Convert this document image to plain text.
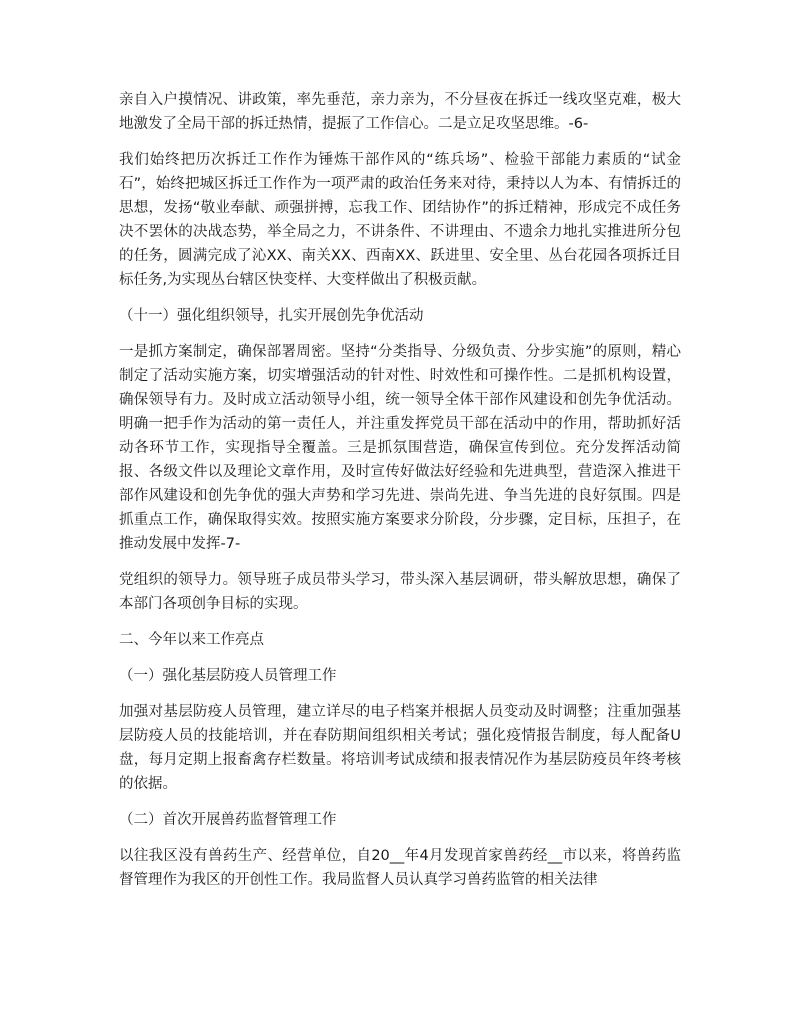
亲自入户摸情况、讲政策，率先垂范，亲力亲为，不分昼夜在拆迁一线攻坚克难，极大地激发了全局干部的拆迁热情，提振了工作信心。二是立足攻坚思维。-6-

我们始终把历次拆迁工作作为锤炼干部作风的“练兵场”、检验干部能力素质的“试金石”，始终把城区拆迁工作作为一项严肃的政治任务来对待，秉持以人为本、有情拆迁的思想，发扬“敬业奉献、顽强拼搏，忘我工作、团结协作”的拆迁精神，形成完不成任务决不罢休的决战态势，举全局之力，不讲条件、不讲理由、不遗余力地扎实推进所分包的任务，圆满完成了沁XX、南关XX、西南XX、跃进里、安全里、丛台花园各项拆迁目标任务,为实现丛台辖区快变样、大变样做出了积极贡献。

（十一）强化组织领导，扎实开展创先争优活动

一是抓方案制定，确保部署周密。坚持“分类指导、分级负责、分步实施”的原则，精心制定了活动实施方案，切实增强活动的针对性、时效性和可操作性。二是抓机构设置，确保领导有力。及时成立活动领导小组，统一领导全体干部作风建设和创先争优活动。明确一把手作为活动的第一责任人，并注重发挥党员干部在活动中的作用，帮助抓好活动各环节工作，实现指导全覆盖。三是抓氛围营造，确保宣传到位。充分发挥活动简报、各级文件以及理论文章作用，及时宣传好做法好经验和先进典型，营造深入推进干部作风建设和创先争优的强大声势和学习先进、崇尚先进、争当先进的良好氛围。四是抓重点工作，确保取得实效。按照实施方案要求分阶段，分步骤，定目标，压担子，在推动发展中发挥-7-

党组织的领导力。领导班子成员带头学习，带头深入基层调研，带头解放思想，确保了本部门各项创争目标的实现。

二、今年以来工作亮点

（一）强化基层防疫人员管理工作

加强对基层防疫人员管理，建立详尽的电子档案并根据人员变动及时调整；注重加强基层防疫人员的技能培训，并在春防期间组织相关考试；强化疫情报告制度，每人配备U盘，每月定期上报畜禽存栏数量。将培训考试成绩和报表情况作为基层防疫员年终考核的依据。

（二）首次开展兽药监督管理工作

以往我区没有兽药生产、经营单位，自20__年4月发现首家兽药经__市以来，将兽药监督管理作为我区的开创性工作。我局监督人员认真学习兽药监管的相关法律
